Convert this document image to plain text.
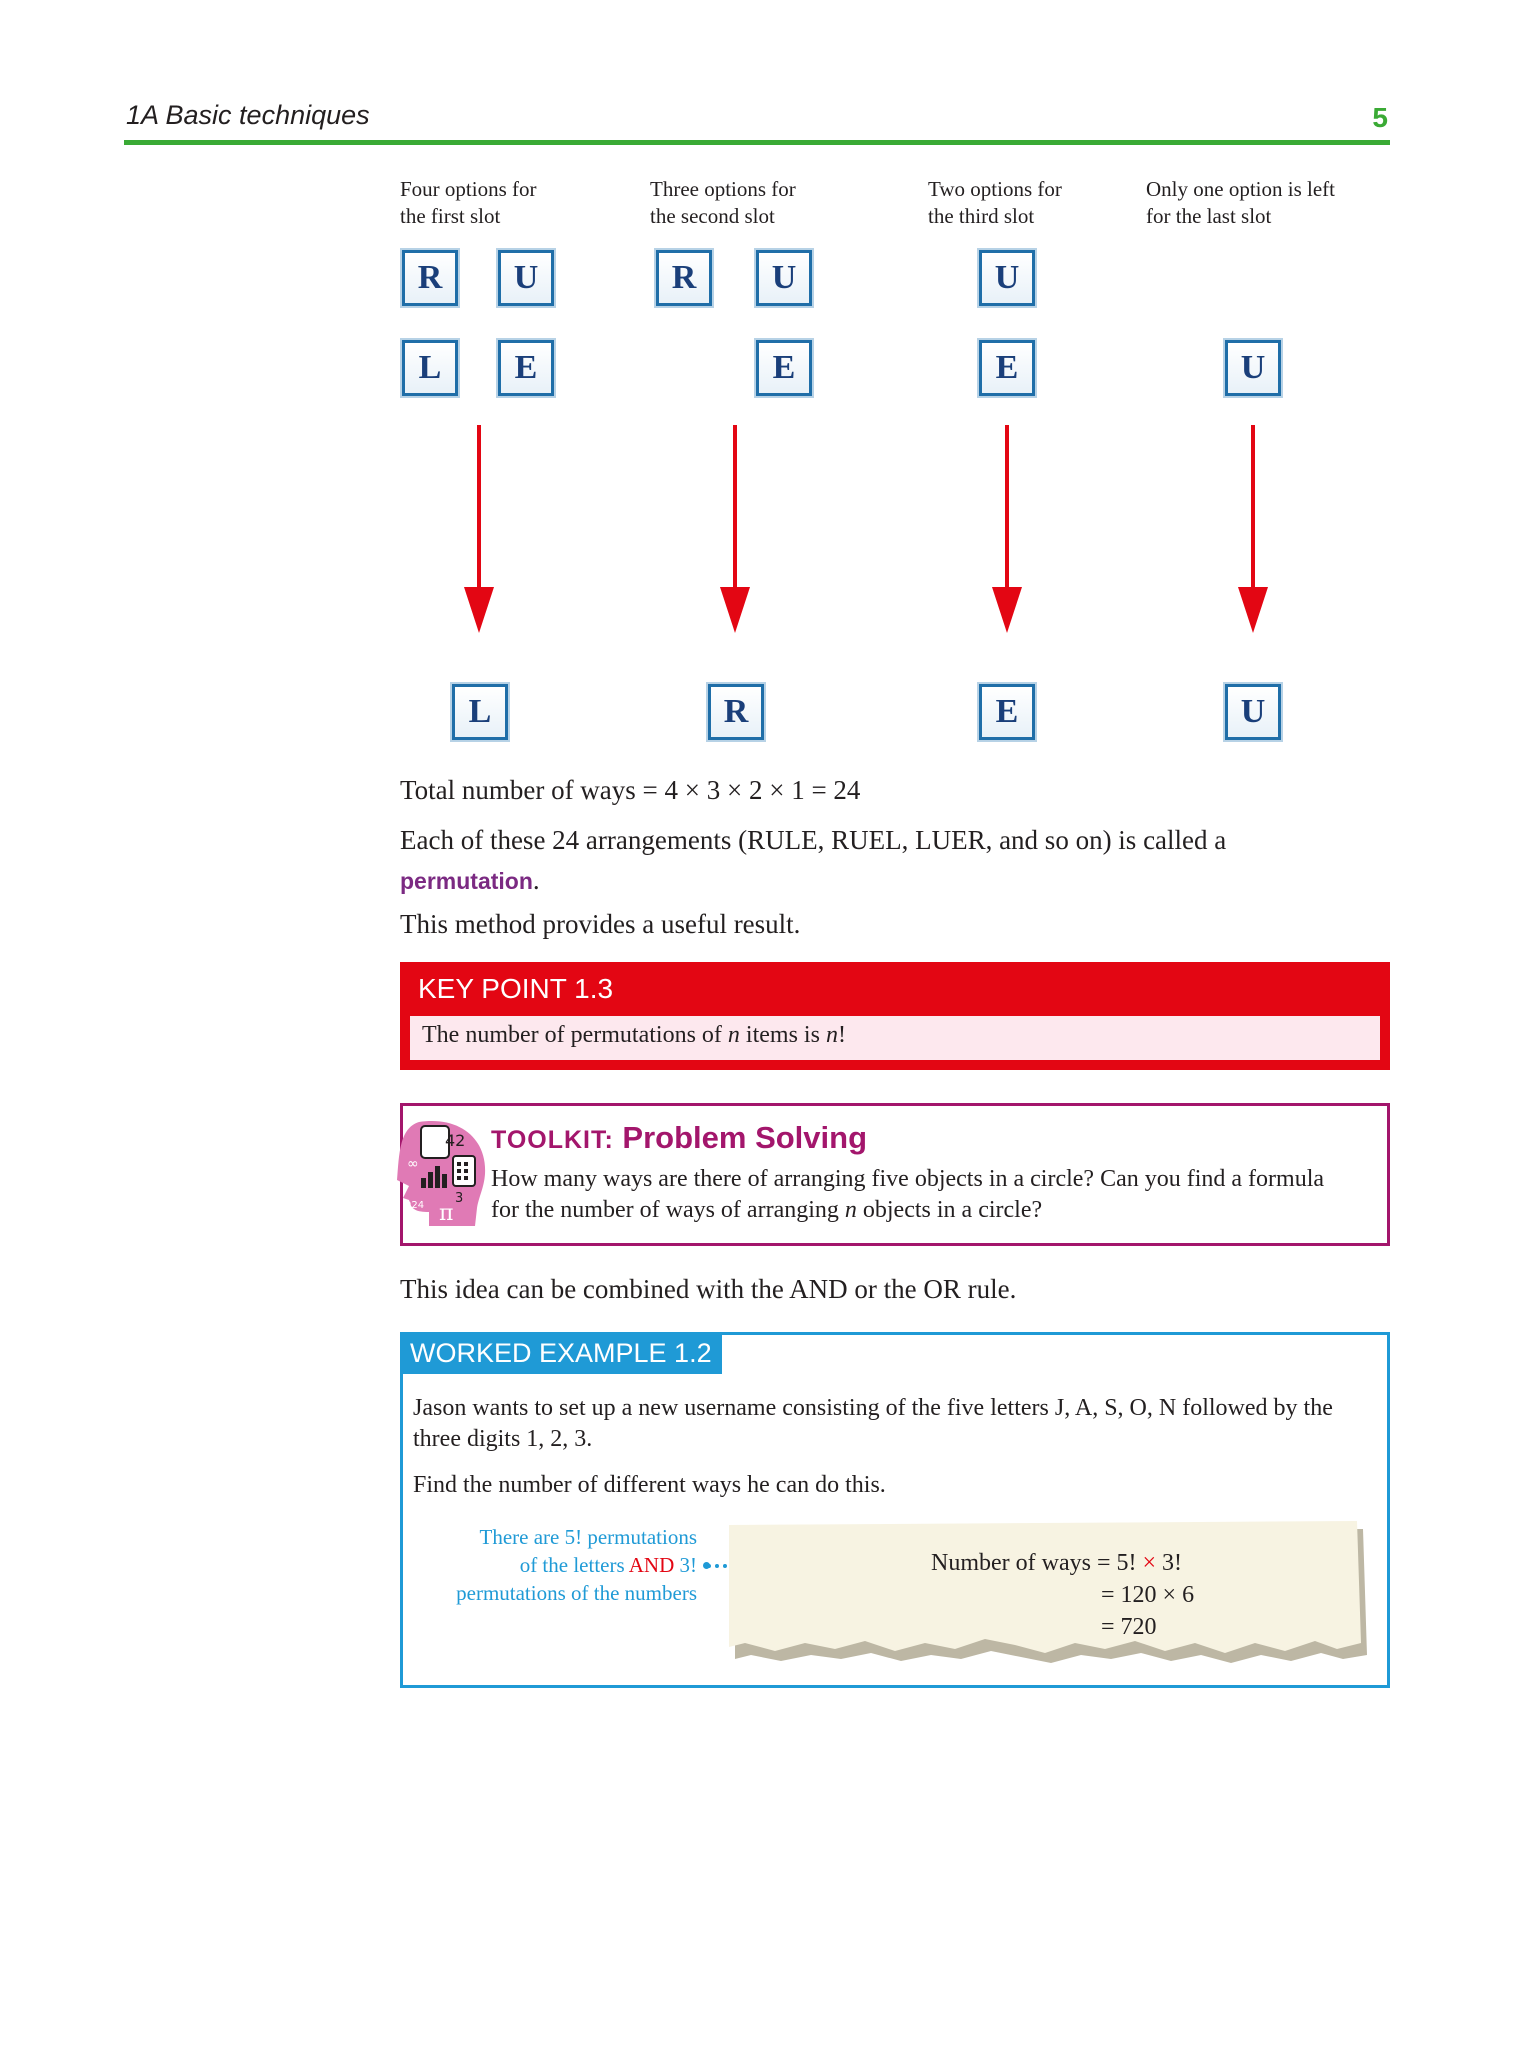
1A Basic techniques	5
Four options for
the first slot
Three options for
the second slot
Two options for
the third slot
Only one option is left
for the last slot
R	U
L	E
R	U
E
U
E	U
L	R	E	U
Total number of ways = 4 × 3 × 2 × 1 = 24
Each of these 24 arrangements (RULE, RUEL, LUER, and so on) is called a
permutation.
This method provides a useful result.
KEY POINT 1.3
The number of permutations of n items is n!
42
3
924
∞
π
TOOLKIT: Problem Solving
How many ways are there of arranging five objects in a circle? Can you find a formula for the number of ways of arranging n objects in a circle?
This idea can be combined with the AND or the OR rule.
WORKED EXAMPLE 1.2
Jason wants to set up a new username consisting of the five letters J, A, S, O, N followed by the three digits 1, 2, 3.
Find the number of different ways he can do this.
There are 5! permutations
of the letters AND 3!
permutations of the numbers
Number of ways = 5! × 3!
= 120 × 6
= 720
